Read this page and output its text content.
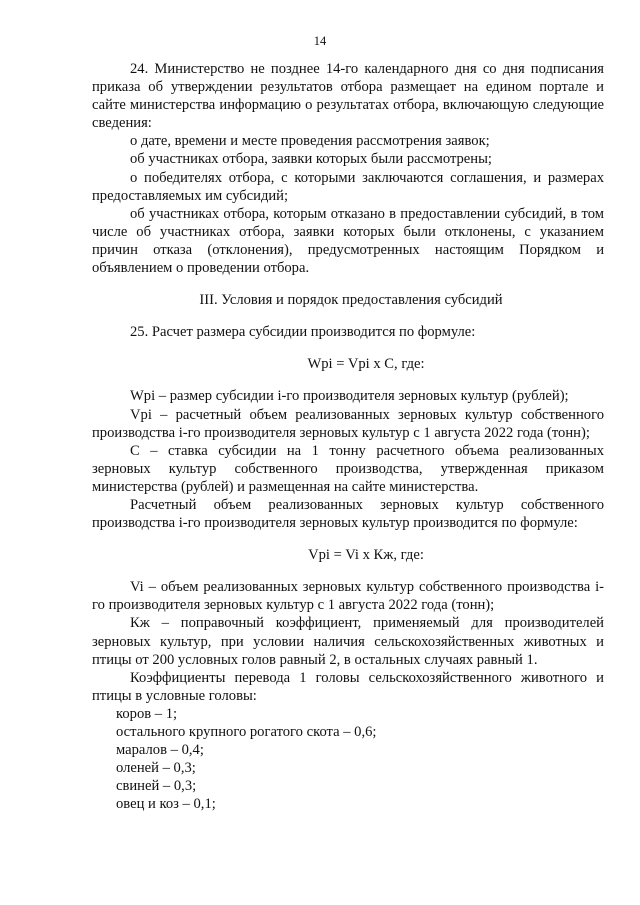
14

24. Министерство не позднее 14-го календарного дня со дня подписания приказа об утверждении результатов отбора размещает на едином портале и сайте министерства информацию о результатах отбора, включающую следующие сведения:

о дате, времени и месте проведения рассмотрения заявок;

об участниках отбора, заявки которых были рассмотрены;

о победителях отбора, с которыми заключаются соглашения, и размерах предоставляемых им субсидий;

об участниках отбора, которым отказано в предоставлении субсидий, в том числе об участниках отбора, заявки которых были отклонены, с указанием причин отказа (отклонения), предусмотренных настоящим Порядком и объявлением о проведении отбора.

III. Условия и порядок предоставления субсидий

25. Расчет размера субсидии производится по формуле:

Wpi = Vpi x C, где:

Wpi – размер субсидии i-го производителя зерновых культур (рублей);

Vpi – расчетный объем реализованных зерновых культур собственного производства i-го производителя зерновых культур с 1 августа 2022 года (тонн);

C – ставка субсидии на 1 тонну расчетного объема реализованных зерновых культур собственного производства, утвержденная приказом министерства (рублей) и размещенная на сайте министерства.

Расчетный объем реализованных зерновых культур собственного производства i-го производителя зерновых культур производится по формуле:

Vpi = Vi x Кж, где:

Vi – объем реализованных зерновых культур собственного производства i-го производителя зерновых культур с 1 августа 2022 года (тонн);

Кж – поправочный коэффициент, применяемый для производителей зерновых культур, при условии наличия сельскохозяйственных животных и птицы от 200 условных голов равный 2, в остальных случаях равный 1.

Коэффициенты перевода 1 головы сельскохозяйственного животного и птицы в условные головы:

коров – 1;

остального крупного рогатого скота – 0,6;

маралов – 0,4;

оленей – 0,3;

свиней – 0,3;

овец и коз – 0,1;
